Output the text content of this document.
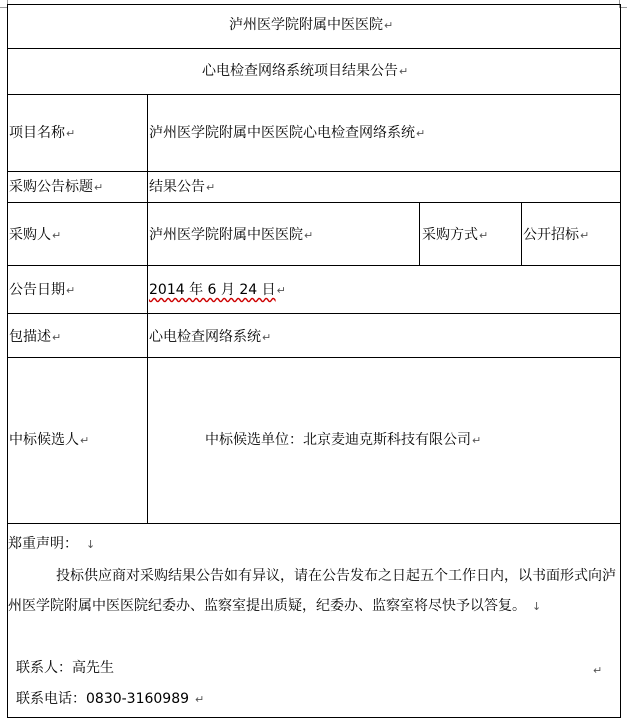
泸州医学院附属中医医院↵
心电检查网络系统项目结果公告↵
项目名称↵	泸州医学院附属中医医院心电检查网络系统↵
采购公告标题↵	结果公告↵
采购人↵	泸州医学院附属中医医院↵	采购方式↵ 公开招标↵
公告日期↵	2014 年 6 月 24 日↵
包描述↵	心电检查网络系统↵
中标候选人↵	中标候选单位：北京麦迪克斯科技有限公司↵
郑重声明： ↓
投标供应商对采购结果公告如有异议，请在公告发布之日起五个工作日内，以书面形式向泸州医学院附属中医医院纪委办、监察室提出质疑，纪委办、监察室将尽快予以答复。 ↓
联系人：高先生	↵
联系电话：0830-3160989 ↵
